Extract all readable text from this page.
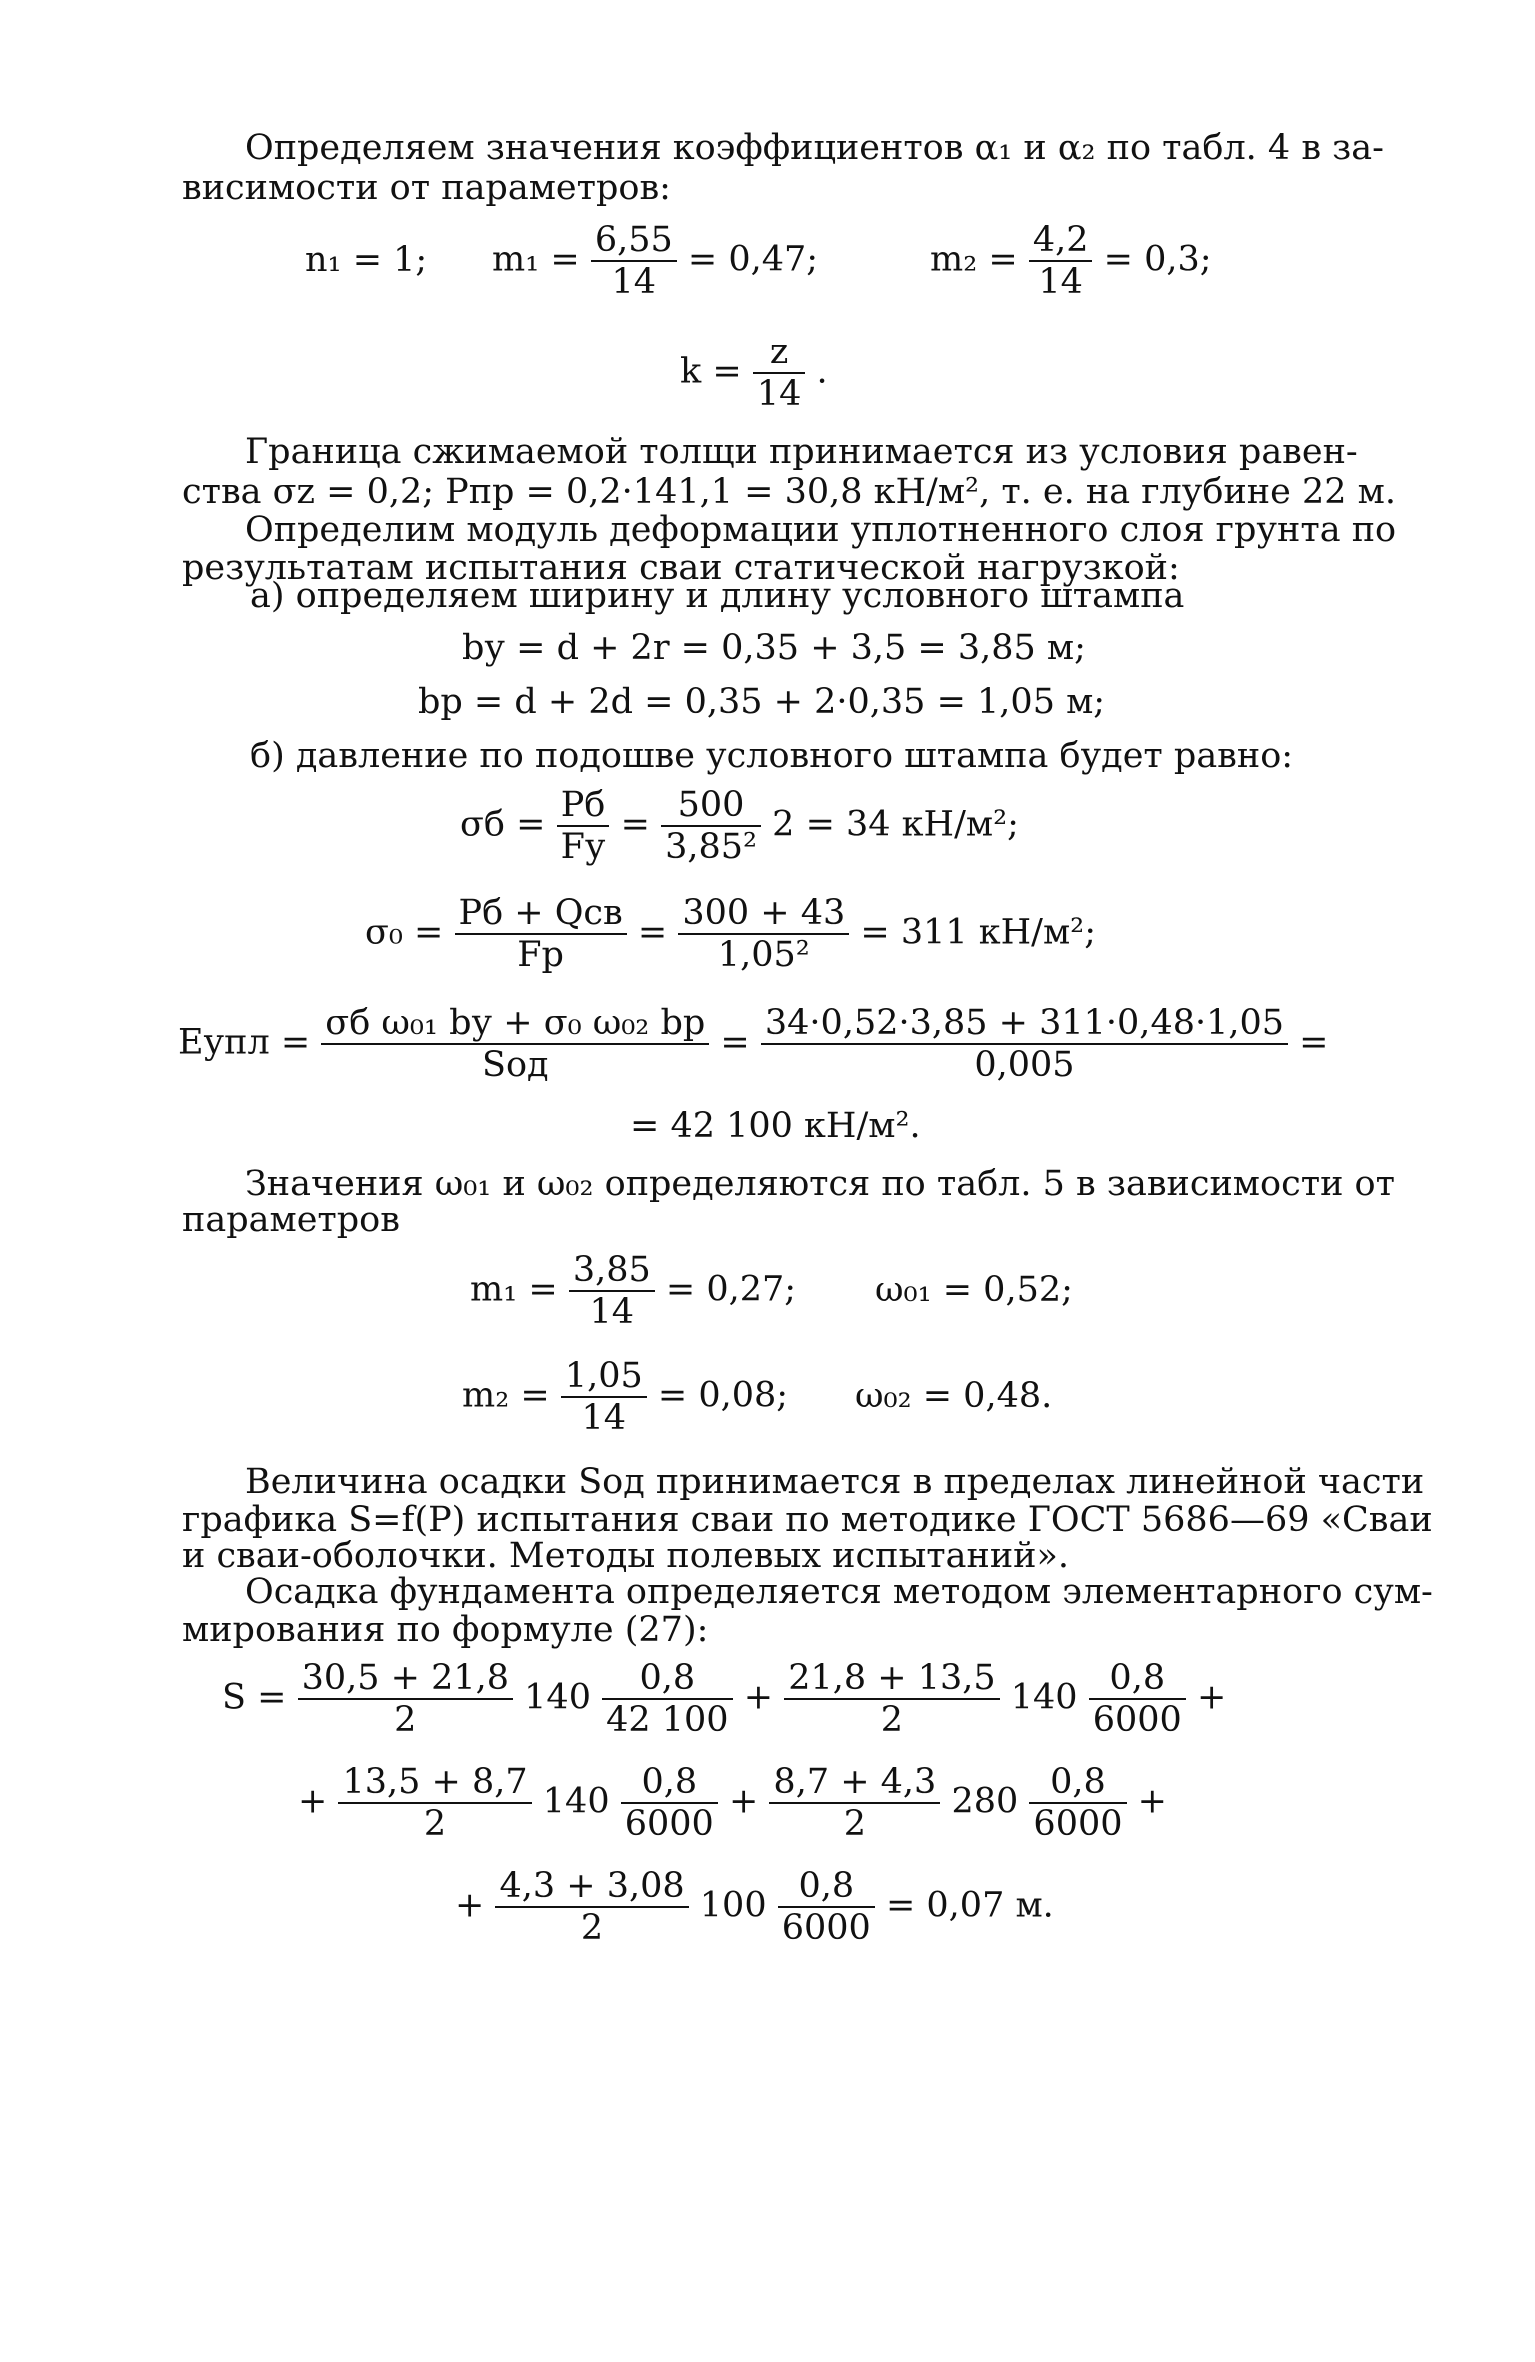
Определяем значения коэффициентов α₁ и α₂ по табл. 4 в за-
висимости от параметров:
n₁ = 1; $m_1 = \frac{6,55}{14} = 0,47$;	$m_2 = \frac{4,2}{14} = 0,3$;
$k = \frac{z}{14}$ .
Граница сжимаемой толщи принимается из условия равен-
ства σz = 0,2; Pпр = 0,2·141,1 = 30,8 кН/м², т. е. на глубине 22 м.
Определим модуль деформации уплотненного слоя грунта по
результатам испытания сваи статической нагрузкой:
а) определяем ширину и длину условного штампа
bу = d + 2r = 0,35 + 3,5 = 3,85 м;
bр = d + 2d = 0,35 + 2·0,35 = 1,05 м;
б) давление по подошве условного штампа будет равно:
$\sigma б = \frac{Pб}{Fу} = \frac{500}{\text{3,85²}} 2 = 34$ кН/м²;
$\sigma_0 = \frac{\text{Pб + Qсв}}{Fр} = \frac{300 + 43}{\text{1,05²}} = 311$ кН/м²;
Eупл = $\frac{\text{σб ω₀₁ bу + σ₀ ω₀₂ bр}}{\text{Sод}} = \frac{34\cdot 0,52\cdot 3,85 + 311\cdot 0,48\cdot 1,05}{0,005}$ =
= 42 100 кН/м².
Значения ω₀₁ и ω₀₂ определяются по табл. 5 в зависимости от
параметров
$m_1 = \frac{3,85}{14} = 0,27$; ω₀₁ = 0,52;
$m_2 = \frac{1,05}{14} = 0,08$; ω₀₂ = 0,48.
Величина осадки Sод принимается в пределах линейной части
графика S=f(P) испытания сваи по методике ГОСТ 5686—69 «Сваи
и сваи-оболочки. Методы полевых испытаний».
Осадка фундамента определяется методом элементарного сум-
мирования по формуле (27):
$S = \frac{30,5 + 21,8}{2} 140 \frac{0,8}{42 100} + \frac{21,8 + 13,5}{2} 140 \frac{0,8}{6000}$ +
+ $\frac{13,5 + 8,7}{2} 140 \frac{0,8}{6000} + \frac{8,7 + 4,3}{2} 280 \frac{0,8}{6000}$ +
+ $\frac{4,3 + 3,08}{2} 100 \frac{0,8}{6000} = 0,07$ м.
